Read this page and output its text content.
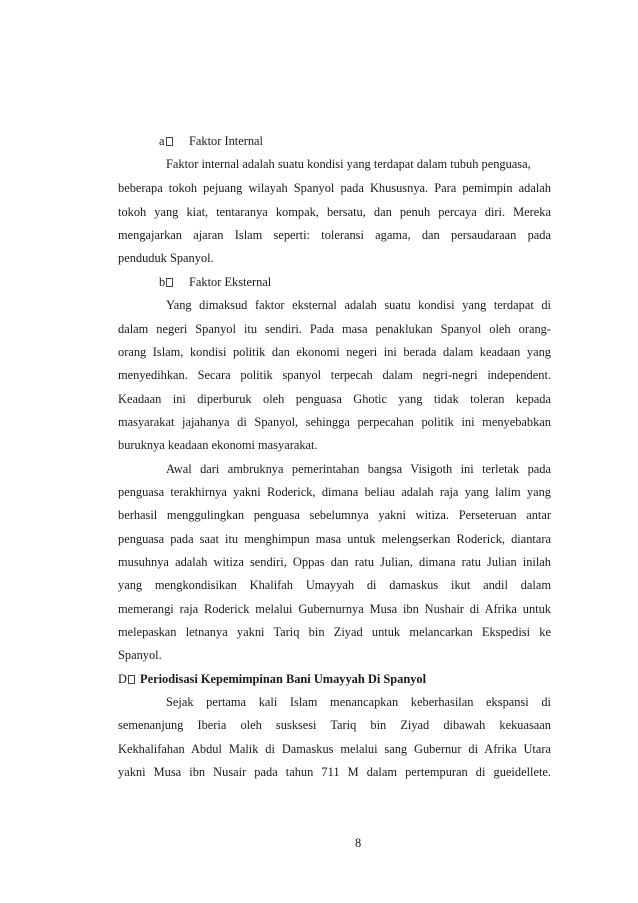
a Faktor Internal
Faktor internal adalah suatu kondisi yang terdapat dalam tubuh penguasa,
beberapa tokoh pejuang wilayah Spanyol pada Khususnya. Para pemimpin adalah
tokoh yang kiat, tentaranya kompak, bersatu, dan penuh percaya diri. Mereka
mengajarkan ajaran Islam seperti: toleransi agama, dan persaudaraan pada
penduduk Spanyol.
b Faktor Eksternal
Yang dimaksud faktor eksternal adalah suatu kondisi yang terdapat di
dalam negeri Spanyol itu sendiri. Pada masa penaklukan Spanyol oleh orang-
orang Islam, kondisi politik dan ekonomi negeri ini berada dalam keadaan yang
menyedihkan. Secara politik spanyol terpecah dalam negri-negri independent.
Keadaan ini diperburuk oleh penguasa Ghotic yang tidak toleran kepada
masyarakat jajahanya di Spanyol, sehingga perpecahan politik ini menyebabkan
buruknya keadaan ekonomi masyarakat.
Awal dari ambruknya pemerintahan bangsa Visigoth ini terletak pada
penguasa terakhirnya yakni Roderick, dimana beliau adalah raja yang lalim yang
berhasil menggulingkan penguasa sebelumnya yakni witiza. Perseteruan antar
penguasa pada saat itu menghimpun masa untuk melengserkan Roderick, diantara
musuhnya adalah witiza sendiri, Oppas dan ratu Julian, dimana ratu Julian inilah
yang mengkondisikan Khalifah Umayyah di damaskus ikut andil dalam
memerangi raja Roderick melalui Gubernurnya Musa ibn Nushair di Afrika untuk
melepaskan letnanya yakni Tariq bin Ziyad untuk melancarkan Ekspedisi ke
Spanyol.
D Periodisasi Kepemimpinan Bani Umayyah Di Spanyol
Sejak pertama kali Islam menancapkan keberhasilan ekspansi di
semenanjung Iberia oleh susksesi Tariq bin Ziyad dibawah kekuasaan
Kekhalifahan Abdul Malik di Damaskus melalui sang Gubernur di Afrika Utara
yakni Musa ibn Nusair pada tahun 711 M dalam pertempuran di gueidellete.
8
